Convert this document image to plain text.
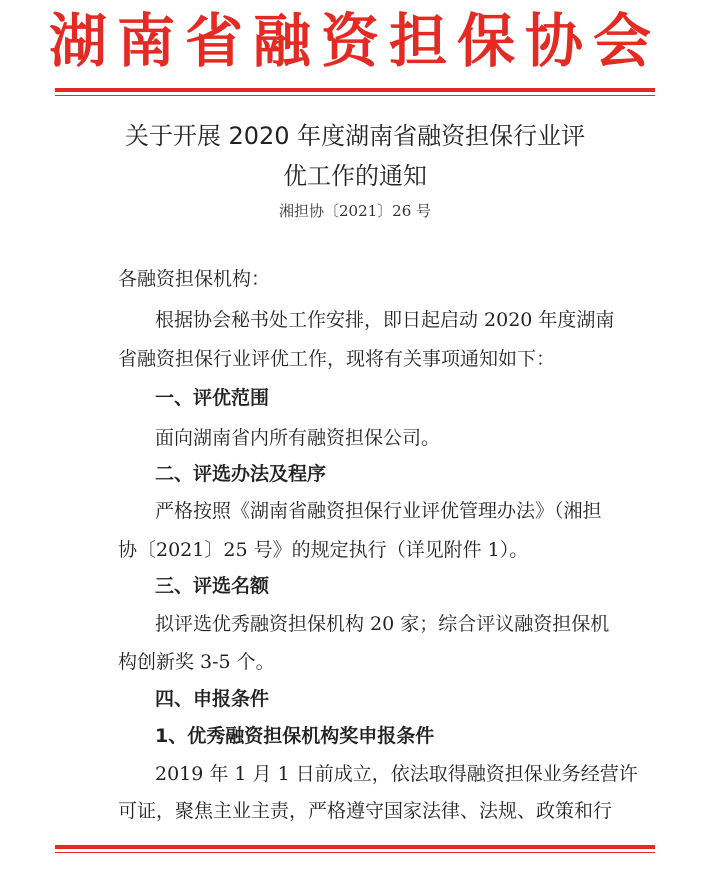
湖南省融资担保协会
关于开展 2020 年度湖南省融资担保行业评
优工作的通知
湘担协〔2021〕26 号
各融资担保机构：
根据协会秘书处工作安排，即日起启动 2020 年度湖南
省融资担保行业评优工作，现将有关事项通知如下：
一、评优范围
面向湖南省内所有融资担保公司。
二、评选办法及程序
严格按照《湖南省融资担保行业评优管理办法》（湘担
协〔2021〕25 号》的规定执行（详见附件 1）。
三、评选名额
拟评选优秀融资担保机构 20 家；综合评议融资担保机
构创新奖 3-5 个。
四、申报条件
1、优秀融资担保机构奖申报条件
2019 年 1 月 1 日前成立，依法取得融资担保业务经营许
可证，聚焦主业主责，严格遵守国家法律、法规、政策和行
